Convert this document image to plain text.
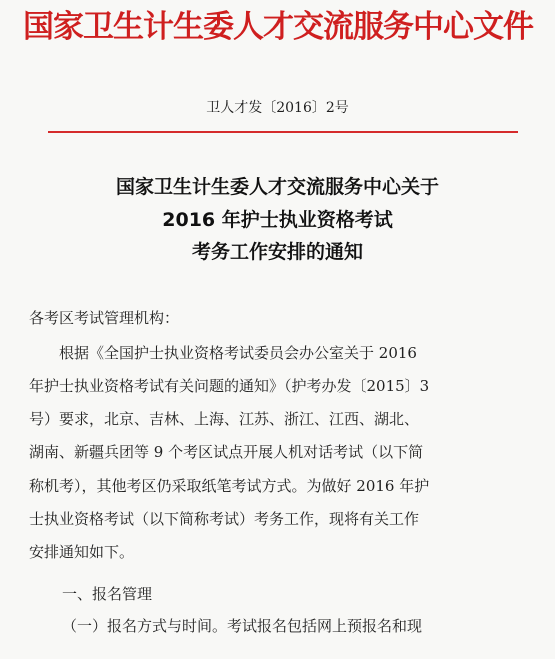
国家卫生计生委人才交流服务中心文件
卫人才发〔2016〕2号
国家卫生计生委人才交流服务中心关于
2016 年护士执业资格考试
考务工作安排的通知
各考区考试管理机构：
根据《全国护士执业资格考试委员会办公室关于 2016
年护士执业资格考试有关问题的通知》（护考办发〔2015〕3
号）要求，北京、吉林、上海、江苏、浙江、江西、湖北、
湖南、新疆兵团等 9 个考区试点开展人机对话考试（以下简
称机考），其他考区仍采取纸笔考试方式。为做好 2016 年护
士执业资格考试（以下简称考试）考务工作，现将有关工作
安排通知如下。
一、报名管理
（一）报名方式与时间。考试报名包括网上预报名和现
